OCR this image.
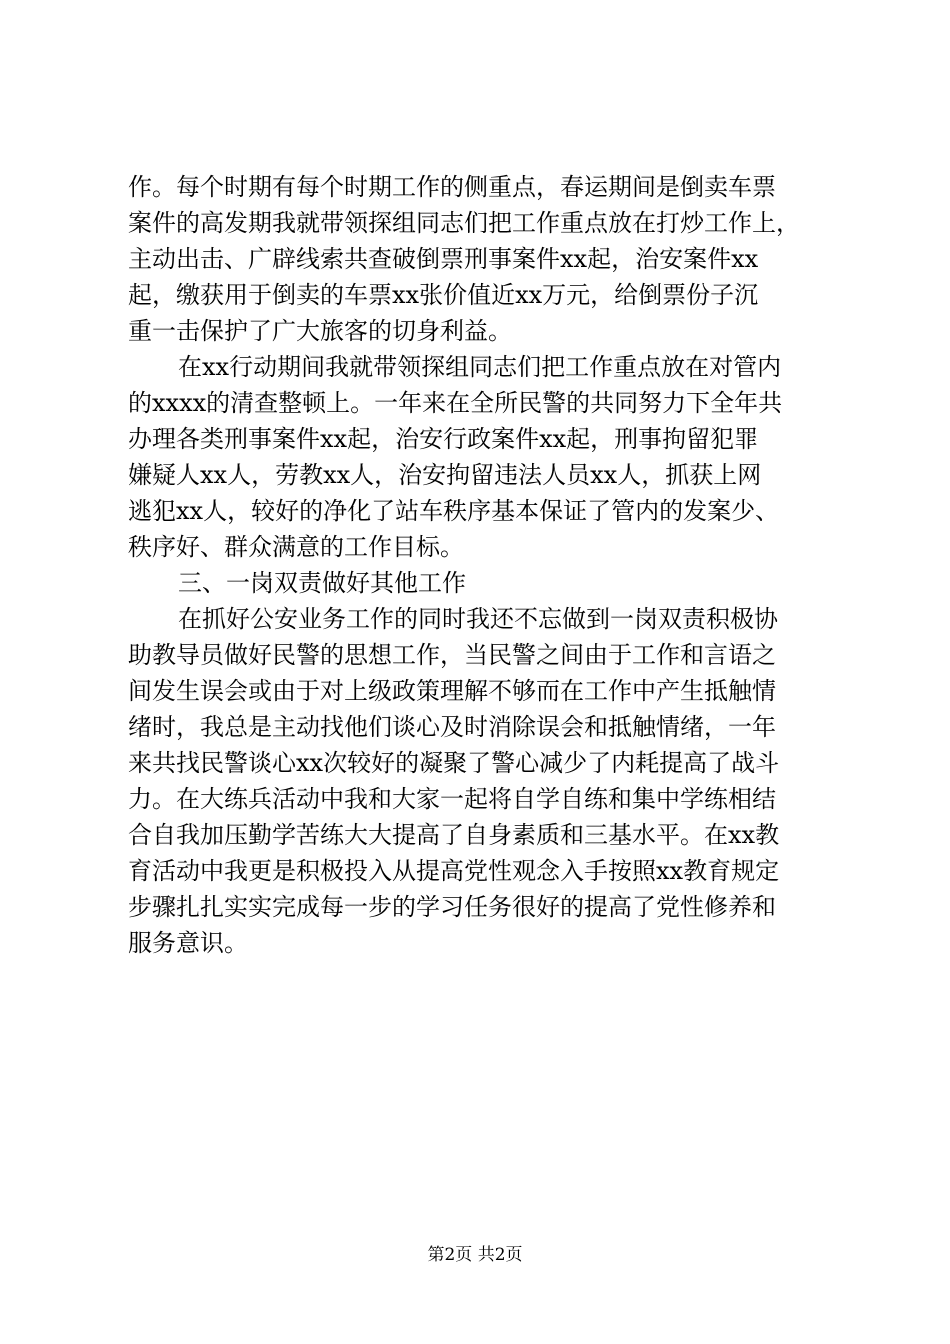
作。每个时期有每个时期工作的侧重点，春运期间是倒卖车票
案件的高发期我就带领探组同志们把工作重点放在打炒工作上，
主动出击、广辟线索共查破倒票刑事案件xx起，治安案件xx
起，缴获用于倒卖的车票xx张价值近xx万元，给倒票份子沉
重一击保护了广大旅客的切身利益。
在xx行动期间我就带领探组同志们把工作重点放在对管内
的xxxx的清查整顿上。一年来在全所民警的共同努力下全年共
办理各类刑事案件xx起，治安行政案件xx起，刑事拘留犯罪
嫌疑人xx人，劳教xx人，治安拘留违法人员xx人，抓获上网
逃犯xx人，较好的净化了站车秩序基本保证了管内的发案少、
秩序好、群众满意的工作目标。
三、一岗双责做好其他工作
在抓好公安业务工作的同时我还不忘做到一岗双责积极协
助教导员做好民警的思想工作，当民警之间由于工作和言语之
间发生误会或由于对上级政策理解不够而在工作中产生抵触情
绪时，我总是主动找他们谈心及时消除误会和抵触情绪，一年
来共找民警谈心xx次较好的凝聚了警心减少了内耗提高了战斗
力。在大练兵活动中我和大家一起将自学自练和集中学练相结
合自我加压勤学苦练大大提高了自身素质和三基水平。在xx教
育活动中我更是积极投入从提高党性观念入手按照xx教育规定
步骤扎扎实实完成每一步的学习任务很好的提高了党性修养和
服务意识。
第2页 共2页
